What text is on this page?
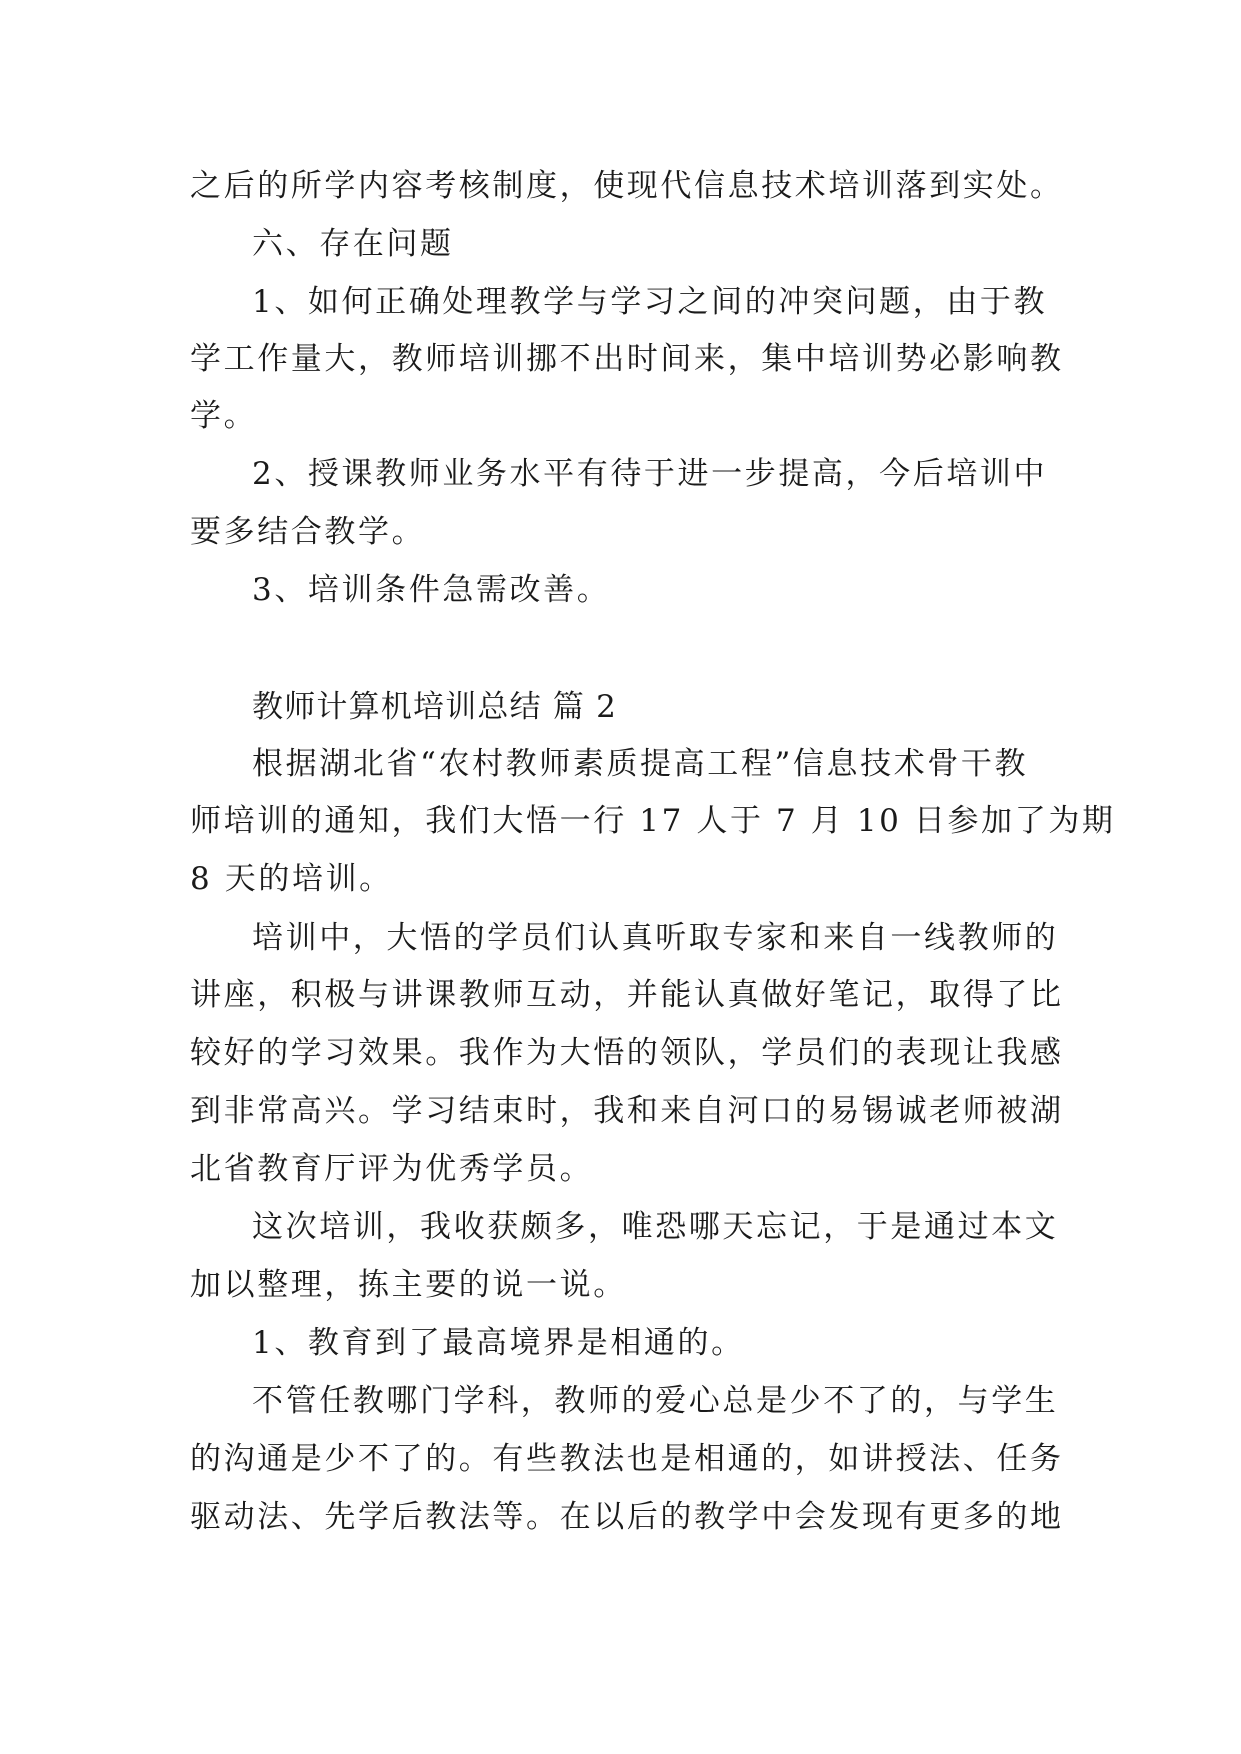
之后的所学内容考核制度，使现代信息技术培训落到实处。
六、存在问题
1、如何正确处理教学与学习之间的冲突问题，由于教
学工作量大，教师培训挪不出时间来，集中培训势必影响教
学。
2、授课教师业务水平有待于进一步提高，今后培训中
要多结合教学。
3、培训条件急需改善。
教师计算机培训总结 篇 2
根据湖北省“农村教师素质提高工程”信息技术骨干教
师培训的通知，我们大悟一行 17 人于 7 月 10 日参加了为期
8 天的培训。
培训中，大悟的学员们认真听取专家和来自一线教师的
讲座，积极与讲课教师互动，并能认真做好笔记，取得了比
较好的学习效果。我作为大悟的领队，学员们的表现让我感
到非常高兴。学习结束时，我和来自河口的易锡诚老师被湖
北省教育厅评为优秀学员。
这次培训，我收获颇多，唯恐哪天忘记，于是通过本文
加以整理，拣主要的说一说。
1、教育到了最高境界是相通的。
不管任教哪门学科，教师的爱心总是少不了的，与学生
的沟通是少不了的。有些教法也是相通的，如讲授法、任务
驱动法、先学后教法等。在以后的教学中会发现有更多的地
